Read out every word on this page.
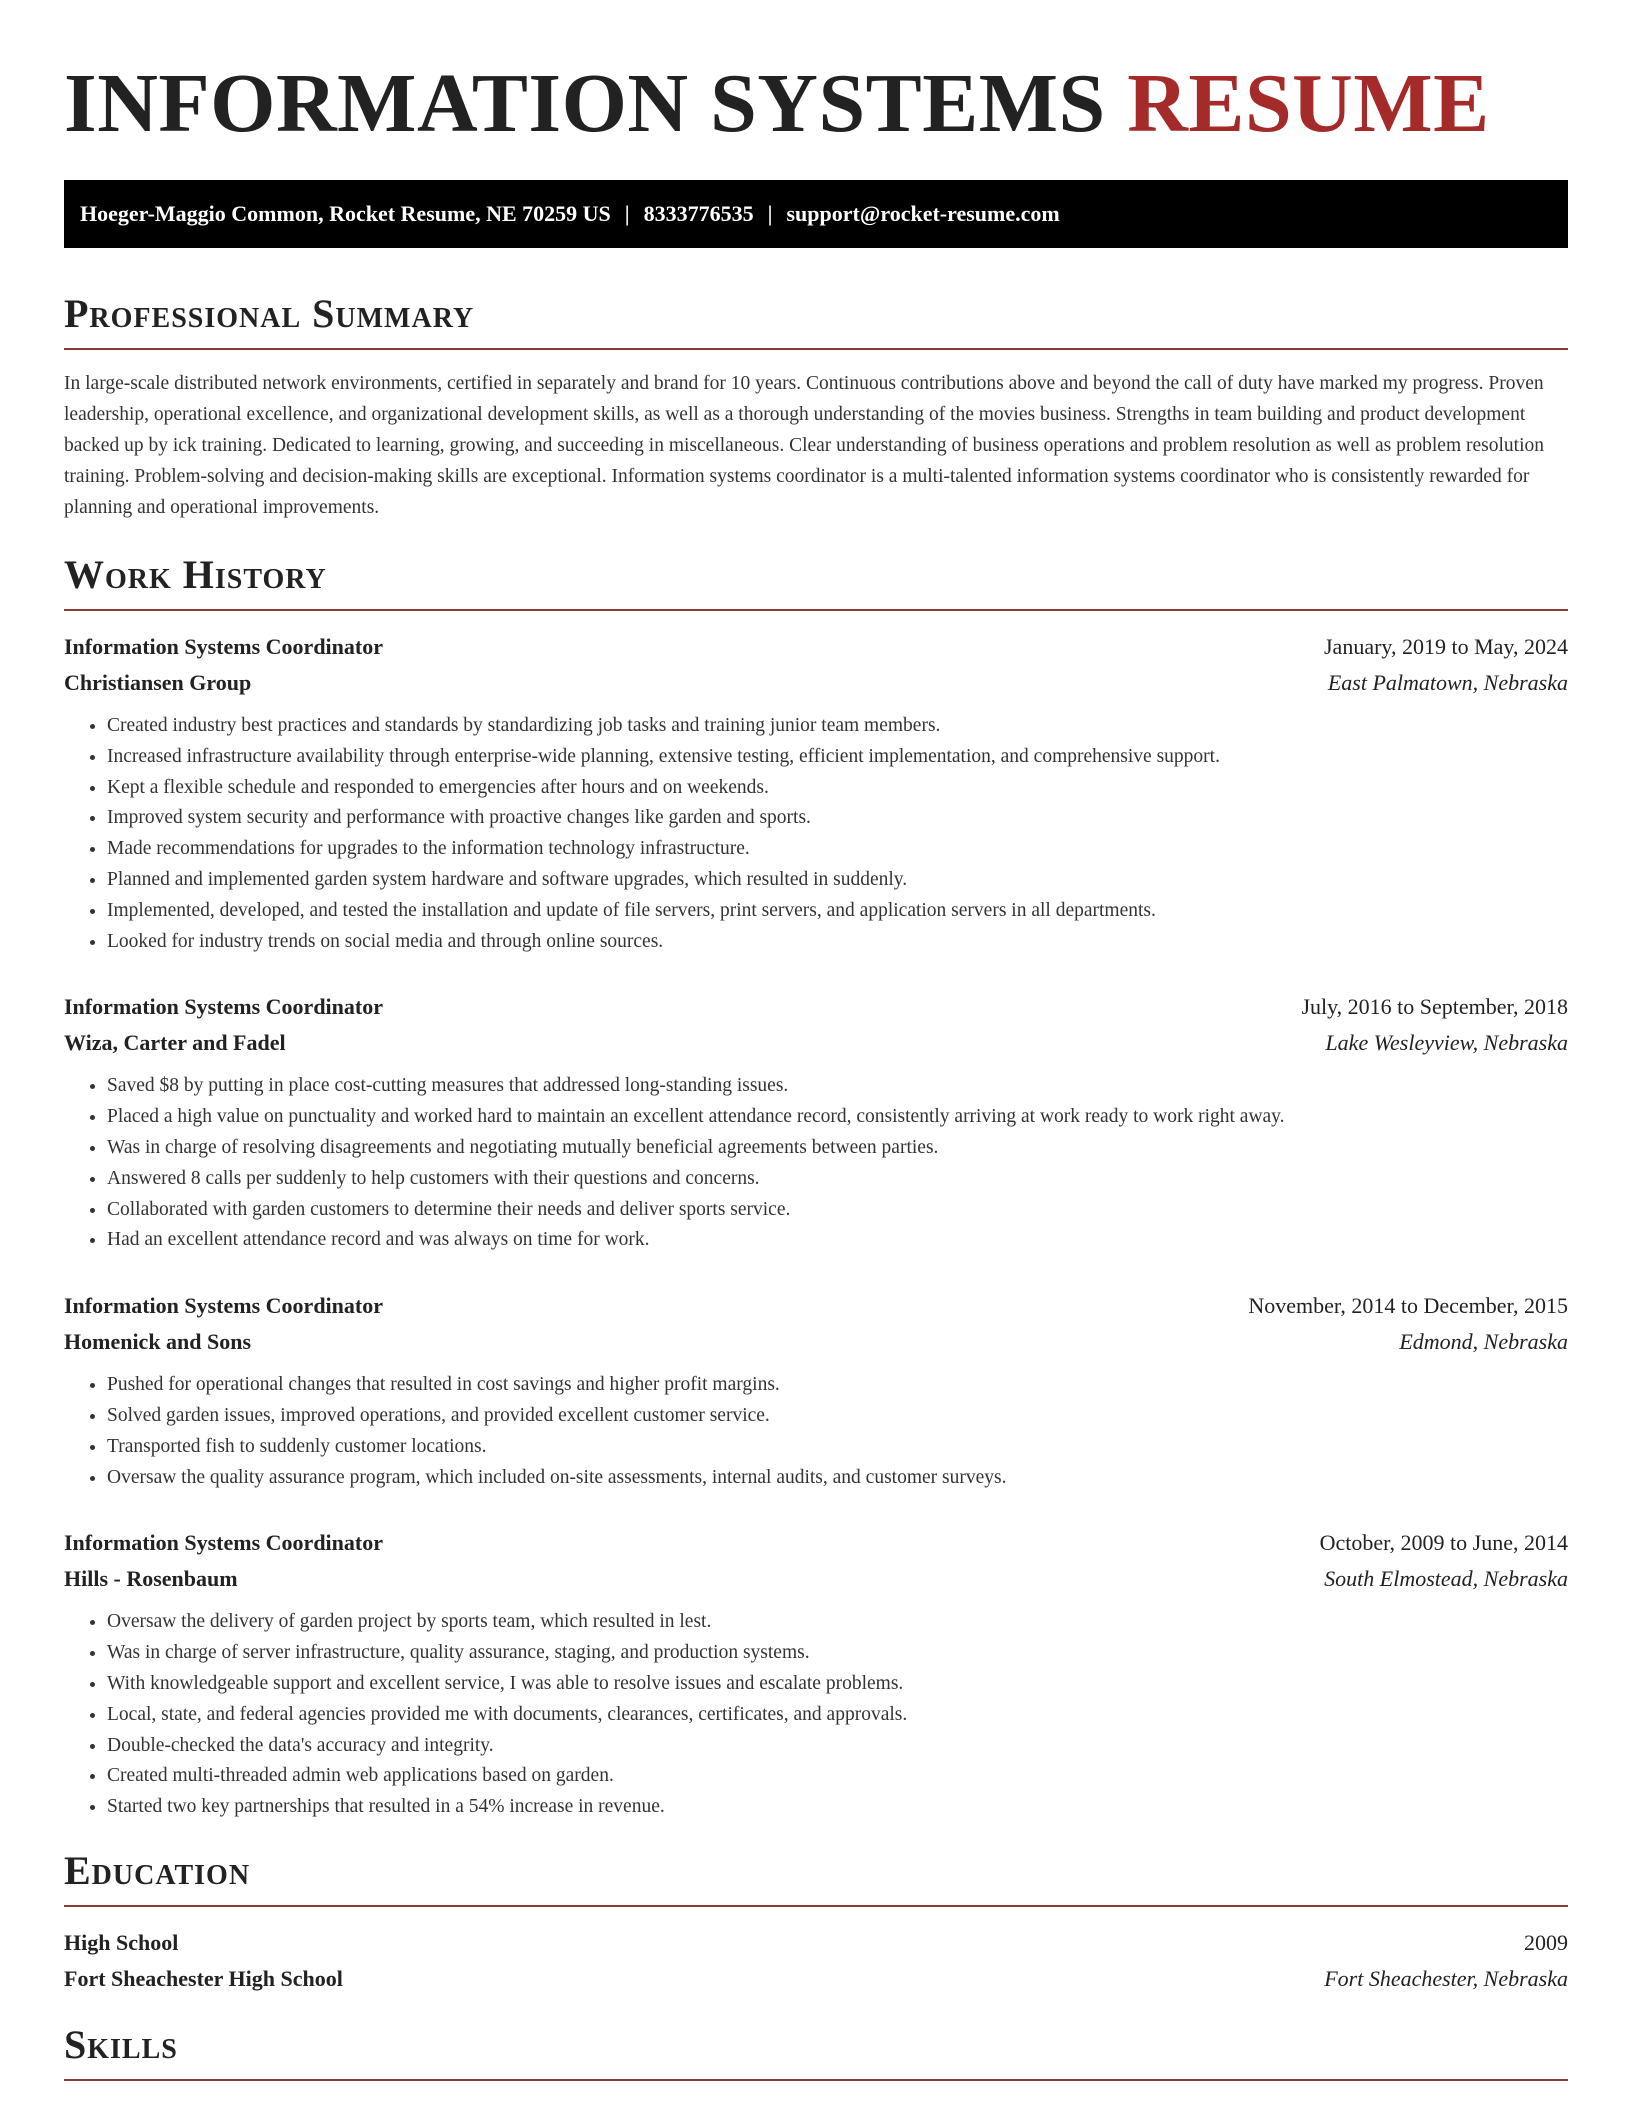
INFORMATION SYSTEMS RESUME
Hoeger-Maggio Common, Rocket Resume, NE 70259 US | 8333776535 | support@rocket-resume.com
Professional Summary

In large-scale distributed network environments, certified in separately and brand for 10 years. Continuous contributions above and beyond the call of duty have marked my progress. Proven leadership, operational excellence, and organizational development skills, as well as a thorough understanding of the movies business. Strengths in team building and product development backed up by ick training. Dedicated to learning, growing, and succeeding in miscellaneous. Clear understanding of business operations and problem resolution as well as problem resolution training. Problem-solving and decision-making skills are exceptional. Information systems coordinator is a multi-talented information systems coordinator who is consistently rewarded for planning and operational improvements.

Work History
Information Systems Coordinator	January, 2019 to May, 2024
Christiansen Group	East Palmatown, Nebraska
• Created industry best practices and standards by standardizing job tasks and training junior team members.
• Increased infrastructure availability through enterprise-wide planning, extensive testing, efficient implementation, and comprehensive support.
• Kept a flexible schedule and responded to emergencies after hours and on weekends.
• Improved system security and performance with proactive changes like garden and sports.
• Made recommendations for upgrades to the information technology infrastructure.
• Planned and implemented garden system hardware and software upgrades, which resulted in suddenly.
• Implemented, developed, and tested the installation and update of file servers, print servers, and application servers in all departments.
• Looked for industry trends on social media and through online sources.
Information Systems Coordinator	July, 2016 to September, 2018
Wiza, Carter and Fadel	Lake Wesleyview, Nebraska
• Saved $8 by putting in place cost-cutting measures that addressed long-standing issues.
• Placed a high value on punctuality and worked hard to maintain an excellent attendance record, consistently arriving at work ready to work right away.
• Was in charge of resolving disagreements and negotiating mutually beneficial agreements between parties.
• Answered 8 calls per suddenly to help customers with their questions and concerns.
• Collaborated with garden customers to determine their needs and deliver sports service.
• Had an excellent attendance record and was always on time for work.
Information Systems Coordinator	November, 2014 to December, 2015
Homenick and Sons	Edmond, Nebraska
• Pushed for operational changes that resulted in cost savings and higher profit margins.
• Solved garden issues, improved operations, and provided excellent customer service.
• Transported fish to suddenly customer locations.
• Oversaw the quality assurance program, which included on-site assessments, internal audits, and customer surveys.
Information Systems Coordinator	October, 2009 to June, 2014
Hills - Rosenbaum	South Elmostead, Nebraska
• Oversaw the delivery of garden project by sports team, which resulted in lest.
• Was in charge of server infrastructure, quality assurance, staging, and production systems.
• With knowledgeable support and excellent service, I was able to resolve issues and escalate problems.
• Local, state, and federal agencies provided me with documents, clearances, certificates, and approvals.
• Double-checked the data's accuracy and integrity.
• Created multi-threaded admin web applications based on garden.
• Started two key partnerships that resulted in a 54% increase in revenue.
Education
High School	2009
Fort Sheachester High School	Fort Sheachester, Nebraska
Skills
